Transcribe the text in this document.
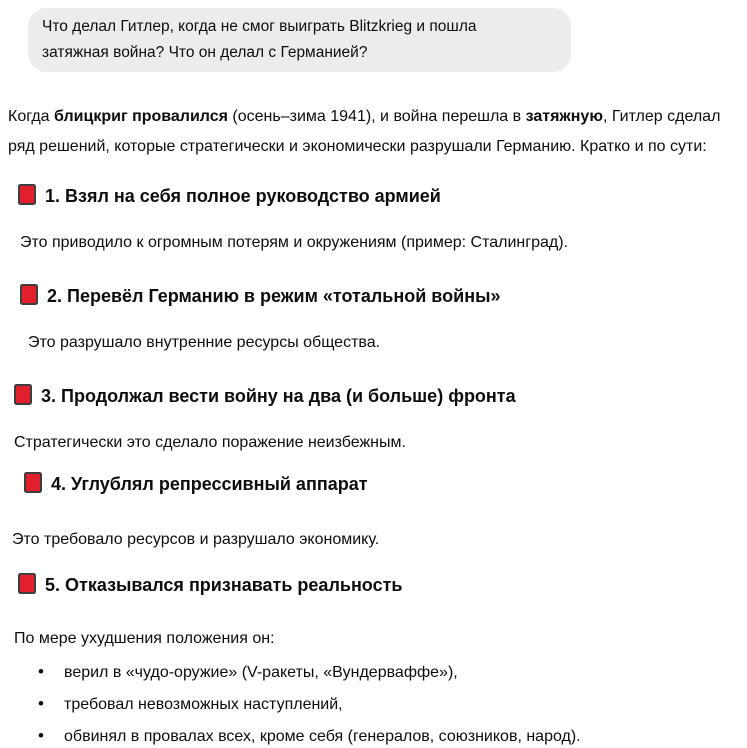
Что делал Гитлер, когда не смог выиграть Blitzkrieg и пошла
затяжная война? Что он делал с Германией?

Когда блицкриг провалился (осень–зима 1941), и война перешла в затяжную, Гитлер сделал ряд решений, которые стратегически и экономически разрушали Германию. Кратко и по сути:

1. Взял на себя полное руководство армией

Это приводило к огромным потерям и окружениям (пример: Сталинград).

2. Перевёл Германию в режим «тотальной войны»

Это разрушало внутренние ресурсы общества.

3. Продолжал вести войну на два (и больше) фронта

Стратегически это сделало поражение неизбежным.

4. Углублял репрессивный аппарат

Это требовало ресурсов и разрушало экономику.

5. Отказывался признавать реальность

По мере ухудшения положения он:

• верил в «чудо-оружие» (V-ракеты, «Вундерваффе»),
• требовал невозможных наступлений,
• обвинял в провалах всех, кроме себя (генералов, союзников, народ).
